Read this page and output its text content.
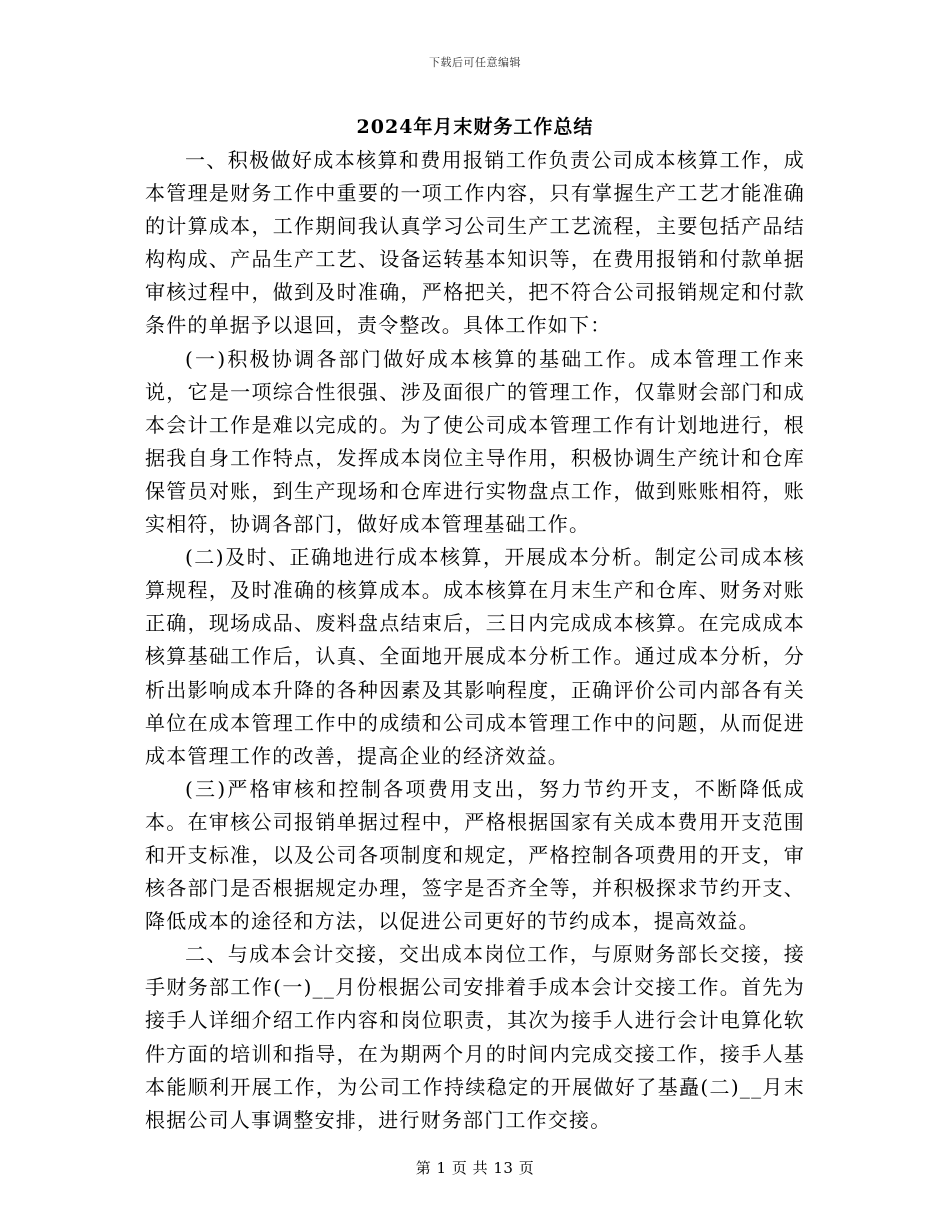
下载后可任意编辑
2024年月末财务工作总结

一、积极做好成本核算和费用报销工作负责公司成本核算工作，成本管理是财务工作中重要的一项工作内容，只有掌握生产工艺才能准确的计算成本，工作期间我认真学习公司生产工艺流程，主要包括产品结构构成、产品生产工艺、设备运转基本知识等，在费用报销和付款单据审核过程中，做到及时准确，严格把关，把不符合公司报销规定和付款条件的单据予以退回，责令整改。具体工作如下：

(一)积极协调各部门做好成本核算的基础工作。成本管理工作来说，它是一项综合性很强、涉及面很广的管理工作，仅靠财会部门和成本会计工作是难以完成的。为了使公司成本管理工作有计划地进行，根据我自身工作特点，发挥成本岗位主导作用，积极协调生产统计和仓库保管员对账，到生产现场和仓库进行实物盘点工作，做到账账相符，账实相符，协调各部门，做好成本管理基础工作。

(二)及时、正确地进行成本核算，开展成本分析。制定公司成本核算规程，及时准确的核算成本。成本核算在月末生产和仓库、财务对账正确，现场成品、废料盘点结束后，三日内完成成本核算。在完成成本核算基础工作后，认真、全面地开展成本分析工作。通过成本分析，分析出影响成本升降的各种因素及其影响程度，正确评价公司内部各有关单位在成本管理工作中的成绩和公司成本管理工作中的问题，从而促进成本管理工作的改善，提高企业的经济效益。

(三)严格审核和控制各项费用支出，努力节约开支，不断降低成本。在审核公司报销单据过程中，严格根据国家有关成本费用开支范围和开支标准，以及公司各项制度和规定，严格控制各项费用的开支，审核各部门是否根据规定办理，签字是否齐全等，并积极探求节约开支、降低成本的途径和方法，以促进公司更好的节约成本，提高效益。

二、与成本会计交接，交出成本岗位工作，与原财务部长交接，接手财务部工作(一)__月份根据公司安排着手成本会计交接工作。首先为接手人详细介绍工作内容和岗位职责，其次为接手人进行会计电算化软件方面的培训和指导，在为期两个月的时间内完成交接工作，接手人基本能顺利开展工作，为公司工作持续稳定的开展做好了基矗(二)__月末根据公司人事调整安排，进行财务部门工作交接。

第 1 页 共 13 页
